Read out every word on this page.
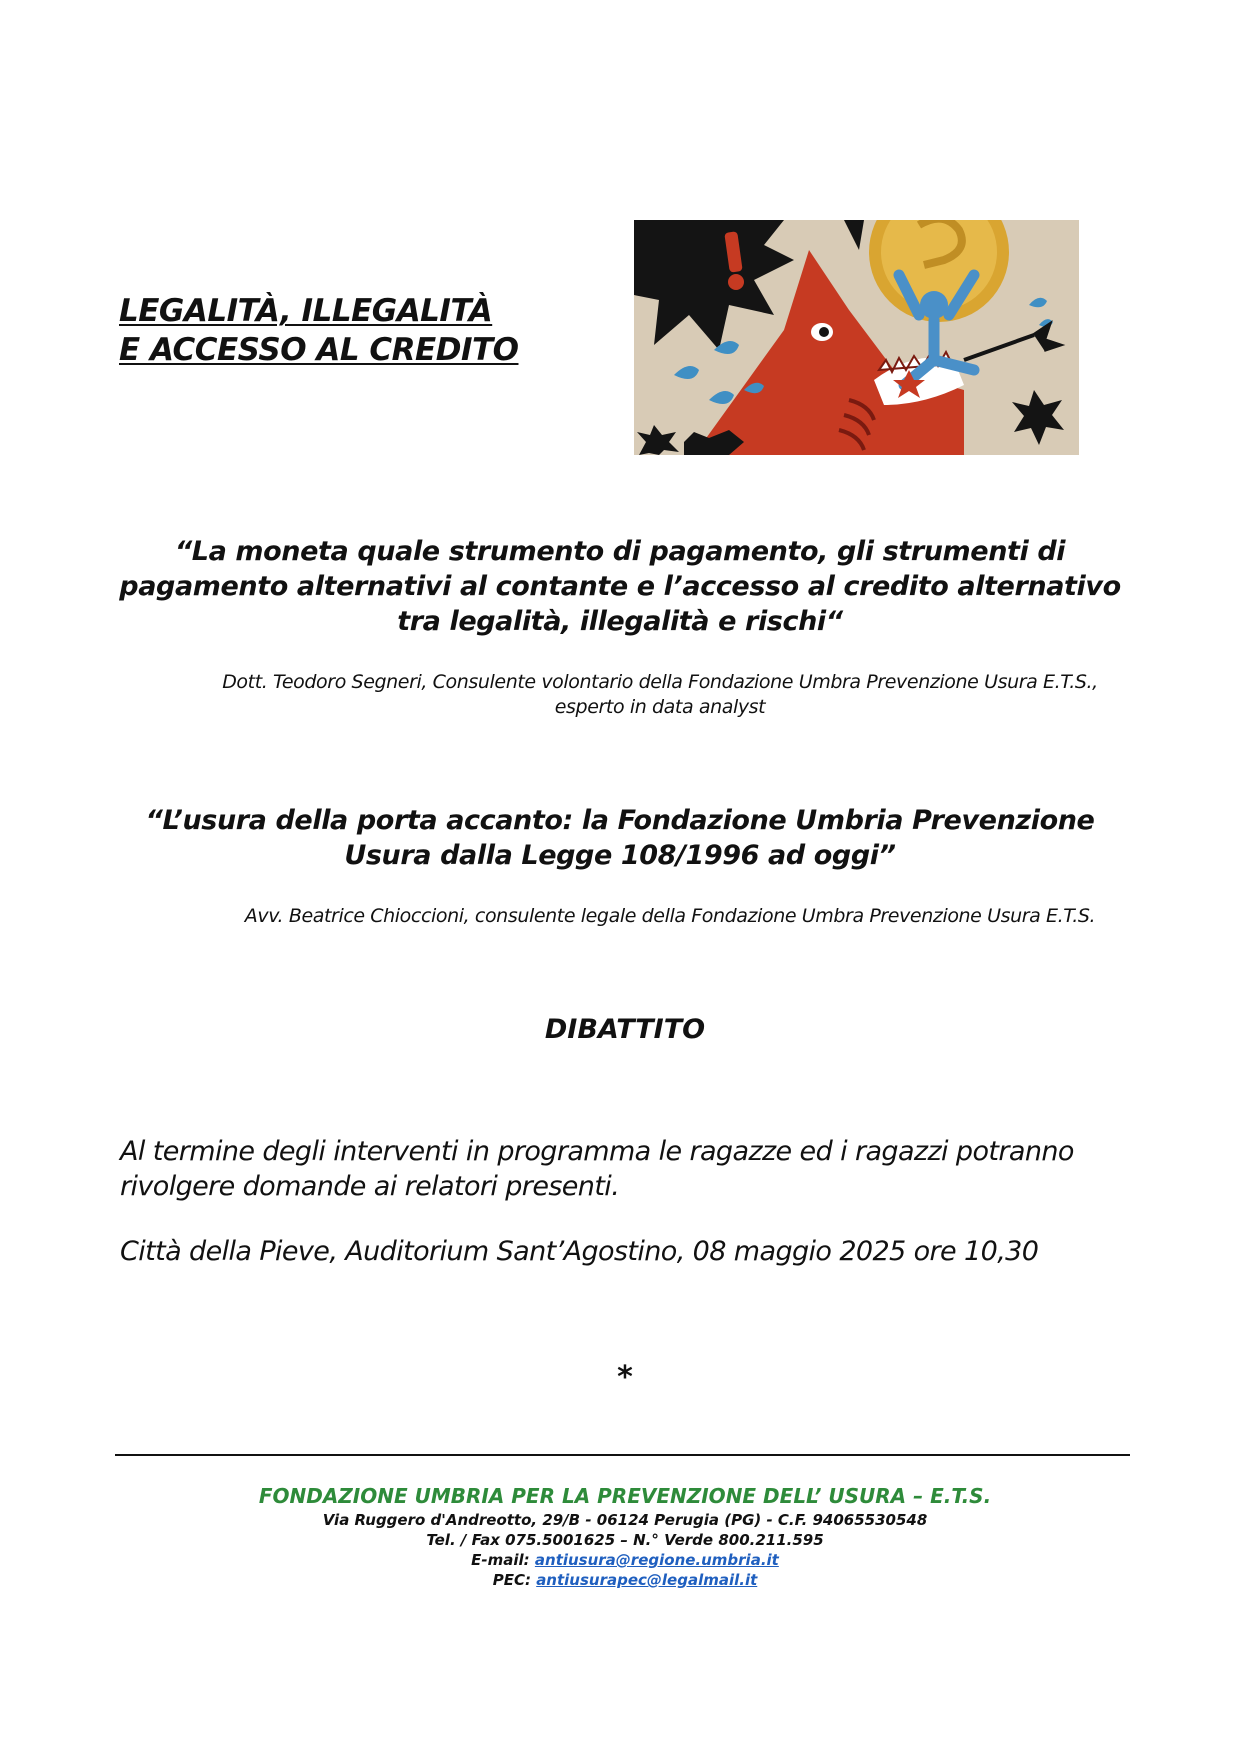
LEGALITÀ, ILLEGALITÀ
E ACCESSO AL CREDITO
“La moneta quale strumento di pagamento, gli strumenti di
pagamento alternativi al contante e l’accesso al credito alternativo
tra legalità, illegalità e rischi“
Dott. Teodoro Segneri, Consulente volontario della Fondazione Umbra Prevenzione Usura E.T.S.,
esperto in data analyst
“L’usura della porta accanto: la Fondazione Umbria Prevenzione
Usura dalla Legge 108/1996 ad oggi”
Avv. Beatrice Chioccioni, consulente legale della Fondazione Umbra Prevenzione Usura E.T.S.
DIBATTITO
Al termine degli interventi in programma le ragazze ed i ragazzi potranno
rivolgere domande ai relatori presenti.
Città della Pieve, Auditorium Sant’Agostino, 08 maggio 2025 ore 10,30
*
FONDAZIONE UMBRIA PER LA PREVENZIONE DELL’ USURA – E.T.S.
Via Ruggero d'Andreotto, 29/B - 06124 Perugia (PG) - C.F. 94065530548
Tel. / Fax 075.5001625 – N.° Verde 800.211.595
E-mail: antiusura@regione.umbria.it
PEC: antiusurapec@legalmail.it
